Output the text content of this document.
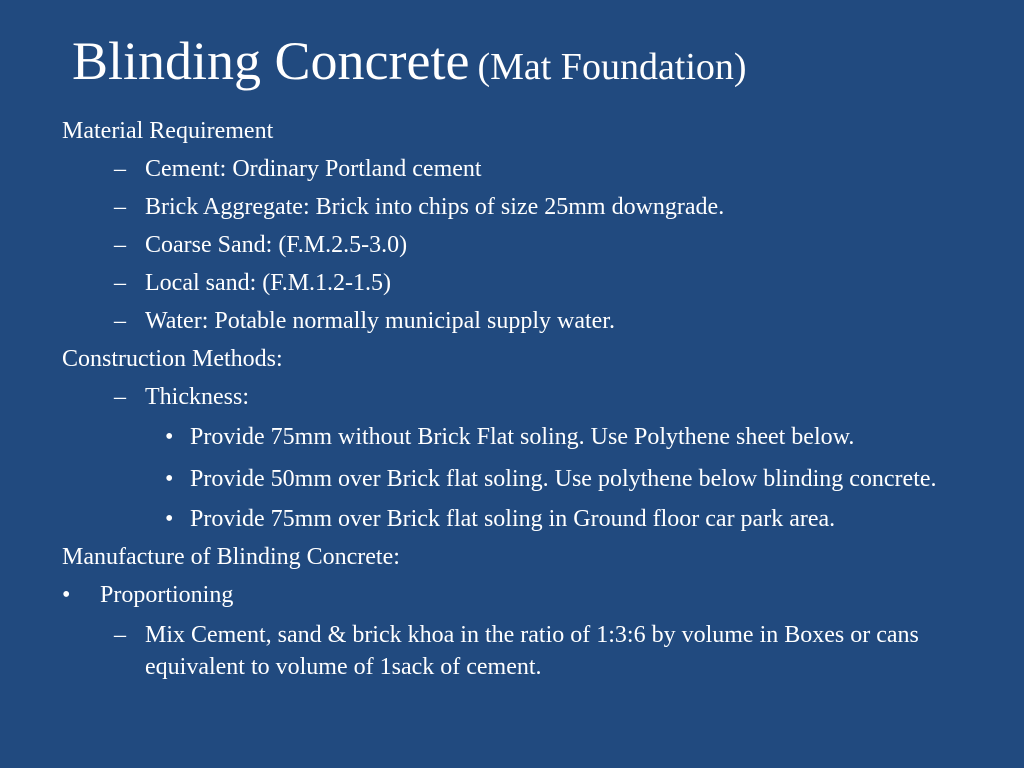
Blinding Concrete (Mat Foundation)
Material Requirement
– Cement: Ordinary Portland cement
– Brick Aggregate: Brick into chips of size 25mm downgrade.
– Coarse Sand: (F.M.2.5-3.0)
– Local sand: (F.M.1.2-1.5)
– Water: Potable normally municipal supply water.
Construction Methods:
– Thickness:
• Provide 75mm without Brick Flat soling. Use Polythene sheet below.
• Provide 50mm over Brick flat soling. Use polythene below blinding concrete.
• Provide 75mm over Brick flat soling in Ground floor car park area.
Manufacture of Blinding Concrete:
• Proportioning
– Mix Cement, sand & brick khoa in the ratio of 1:3:6 by volume in Boxes or cans equivalent to volume of 1sack of cement.
